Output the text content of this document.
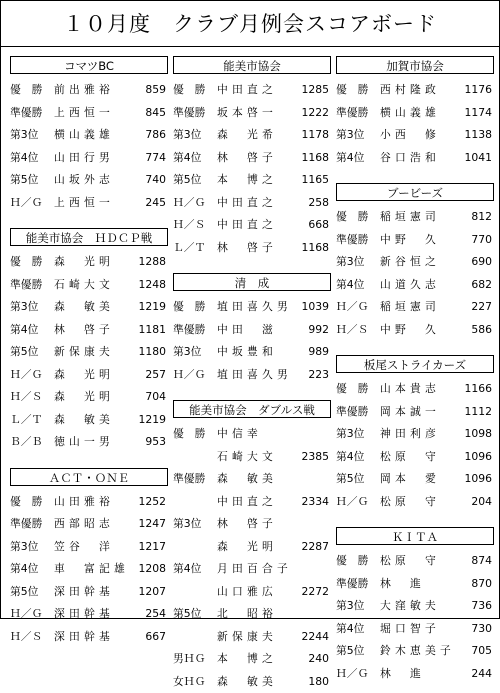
１０月度　クラブ月例会スコアボード
コマツBC
優　勝 前出雅裕	859
準優勝 上西恒一	845
第3位 横山義雄	786
第4位 山田行男	774
第5位 山坂外志	740
Ｈ／Ｇ 上西恒一	245
能美市協会　ＨＤＣＰ戦
優　勝 森　光明 1288
準優勝 石崎大文 1248
第3位 森　敏美 1219
第4位 林　啓子 1181
第5位 新保康夫 1180
Ｈ／Ｇ 森　光明	257
Ｈ／Ｓ 森　光明	704
Ｌ／Ｔ 森　敏美 1219
Ｂ／Ｂ 徳山一男	953
ＡＣＴ・ＯＮＥ
優　勝 山田雅裕 1252
準優勝 西部昭志 1247
第3位 笠谷　洋 1217
第4位 車　富記雄 1208
第5位 深田幹基 1207
Ｈ／Ｇ 深田幹基	254
Ｈ／Ｓ 深田幹基	667
能美市協会
優　勝 中田直之 1285
準優勝 坂本啓一 1222
第3位 森　光希 1178
第4位 林　啓子 1168
第5位 本　博之 1165
Ｈ／Ｇ 中田直之	258
Ｈ／Ｓ 中田直之	668
Ｌ／Ｔ 林　啓子 1168
清　成
優　勝 埴田喜久男 1039
準優勝 中田　滋	992
第3位 中坂豊和	989
Ｈ／Ｇ 埴田喜久男 223
能美市協会　ダブルス戦
優　勝 中信幸
石崎大文 2385
準優勝 森　敏美
中田直之 2334
第3位 林　啓子
森　光明 2287
第4位 月田百合子
山口雅広 2272
第5位 北　昭裕
新保康夫 2244
男ＨＧ 本　博之	240
女ＨＧ 森　敏美	180
加賀市協会
優　勝 西村隆政 1176
準優勝 横山義雄 1174
第3位 小西　修 1138
第4位 谷口浩和 1041
ブービーズ
優　勝 稲垣憲司	812
準優勝 中野　久	770
第3位 新谷恒之	690
第4位 山道久志	682
Ｈ／Ｇ 稲垣憲司	227
Ｈ／Ｓ 中野　久	586
板尾ストライカーズ
優　勝 山本貴志 1166
準優勝 岡本誠一 1112
第3位 神田利彦 1098
第4位 松原　守 1096
第5位 岡本　愛 1096
Ｈ／Ｇ 松原　守	204
ＫＩＴＡ
優　勝 松原　守	874
準優勝 林　進	870
第3位 大窪敏夫	736
第4位 堀口智子	730
第5位 鈴木恵美子 705
Ｈ／Ｇ 林　進	244
